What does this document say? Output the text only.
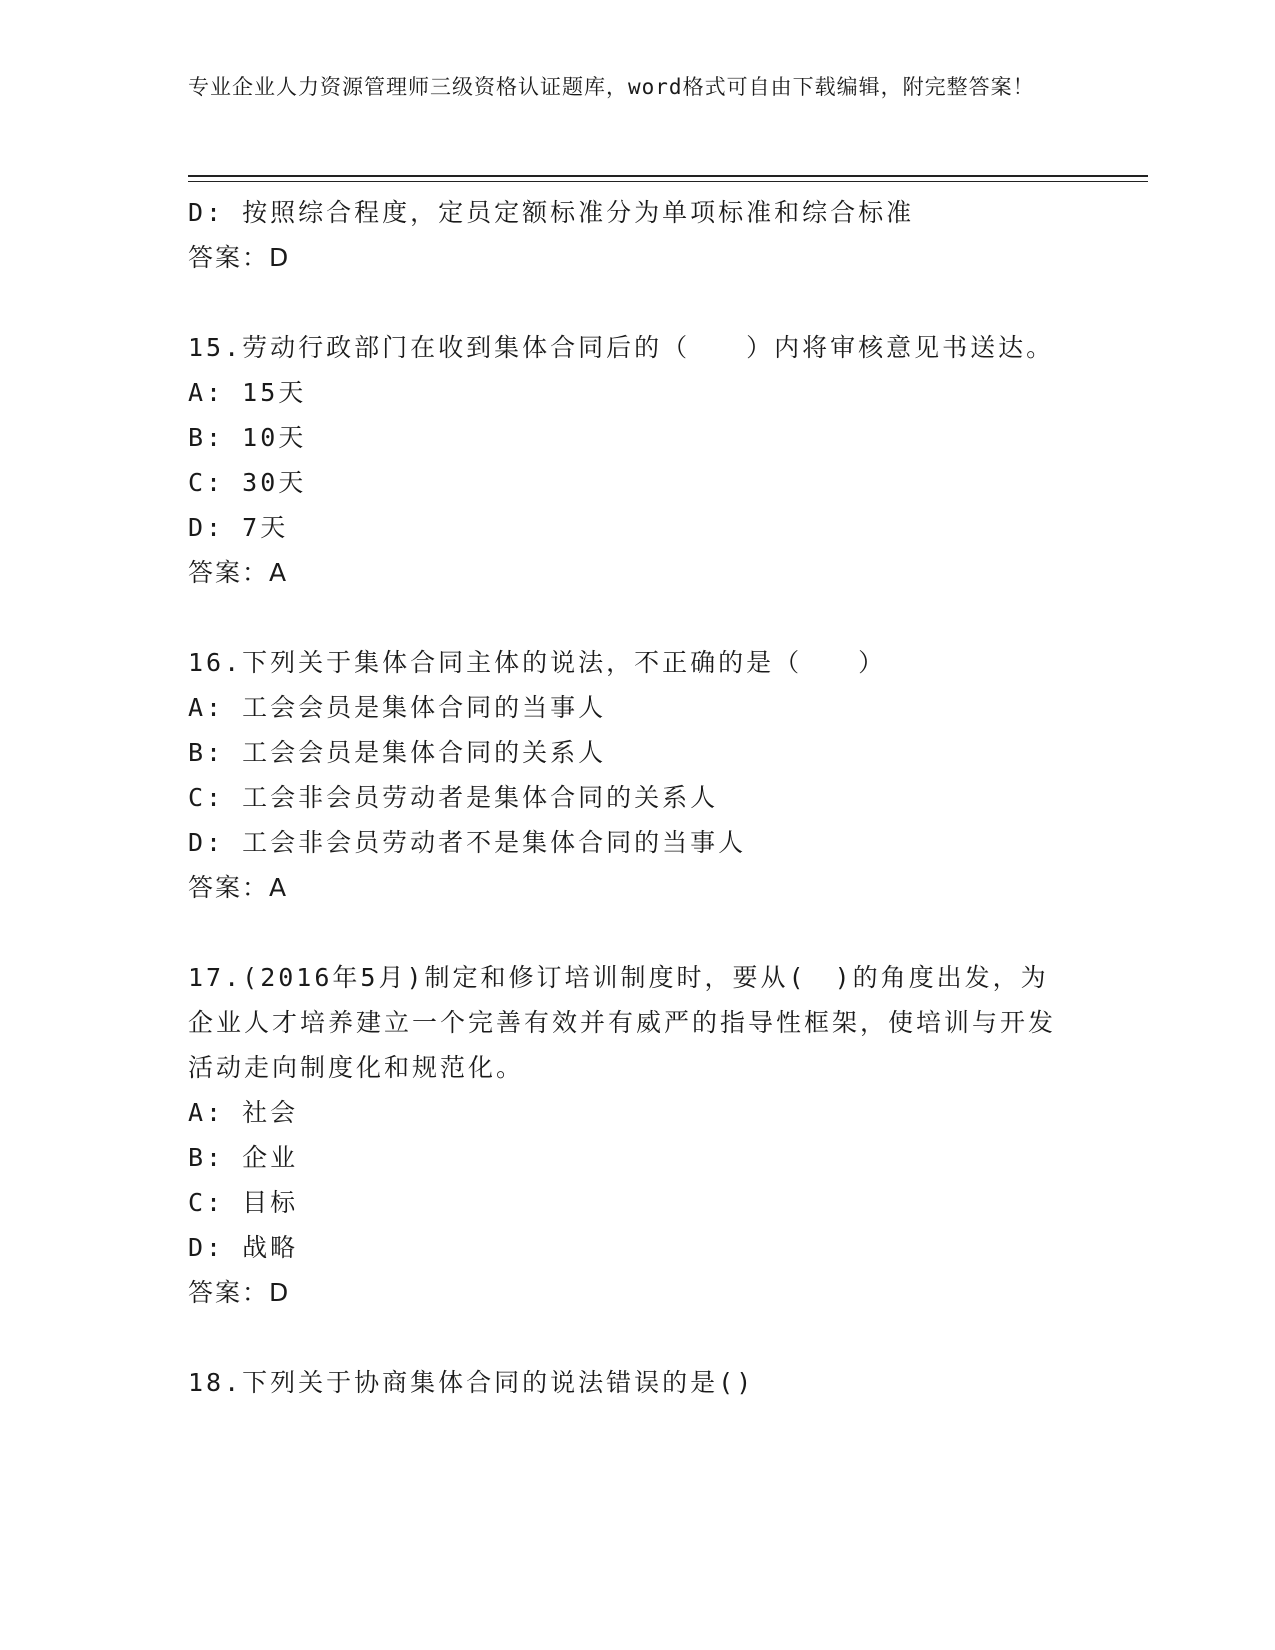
专业企业人力资源管理师三级资格认证题库，word格式可自由下载编辑，附完整答案！
D: 按照综合程度，定员定额标准分为单项标准和综合标准
答案：D
15.劳动行政部门在收到集体合同后的（　　）内将审核意见书送达。
A: 15天
B: 10天
C: 30天
D: 7天
答案：A
16.下列关于集体合同主体的说法，不正确的是（　　）
A: 工会会员是集体合同的当事人
B: 工会会员是集体合同的关系人
C: 工会非会员劳动者是集体合同的关系人
D: 工会非会员劳动者不是集体合同的当事人
答案：A
17.(2016年5月)制定和修订培训制度时，要从(　)的角度出发，为企业人才培养建立一个完善有效并有威严的指导性框架，使培训与开发活动走向制度化和规范化。
A: 社会
B: 企业
C: 目标
D: 战略
答案：D
18.下列关于协商集体合同的说法错误的是()
